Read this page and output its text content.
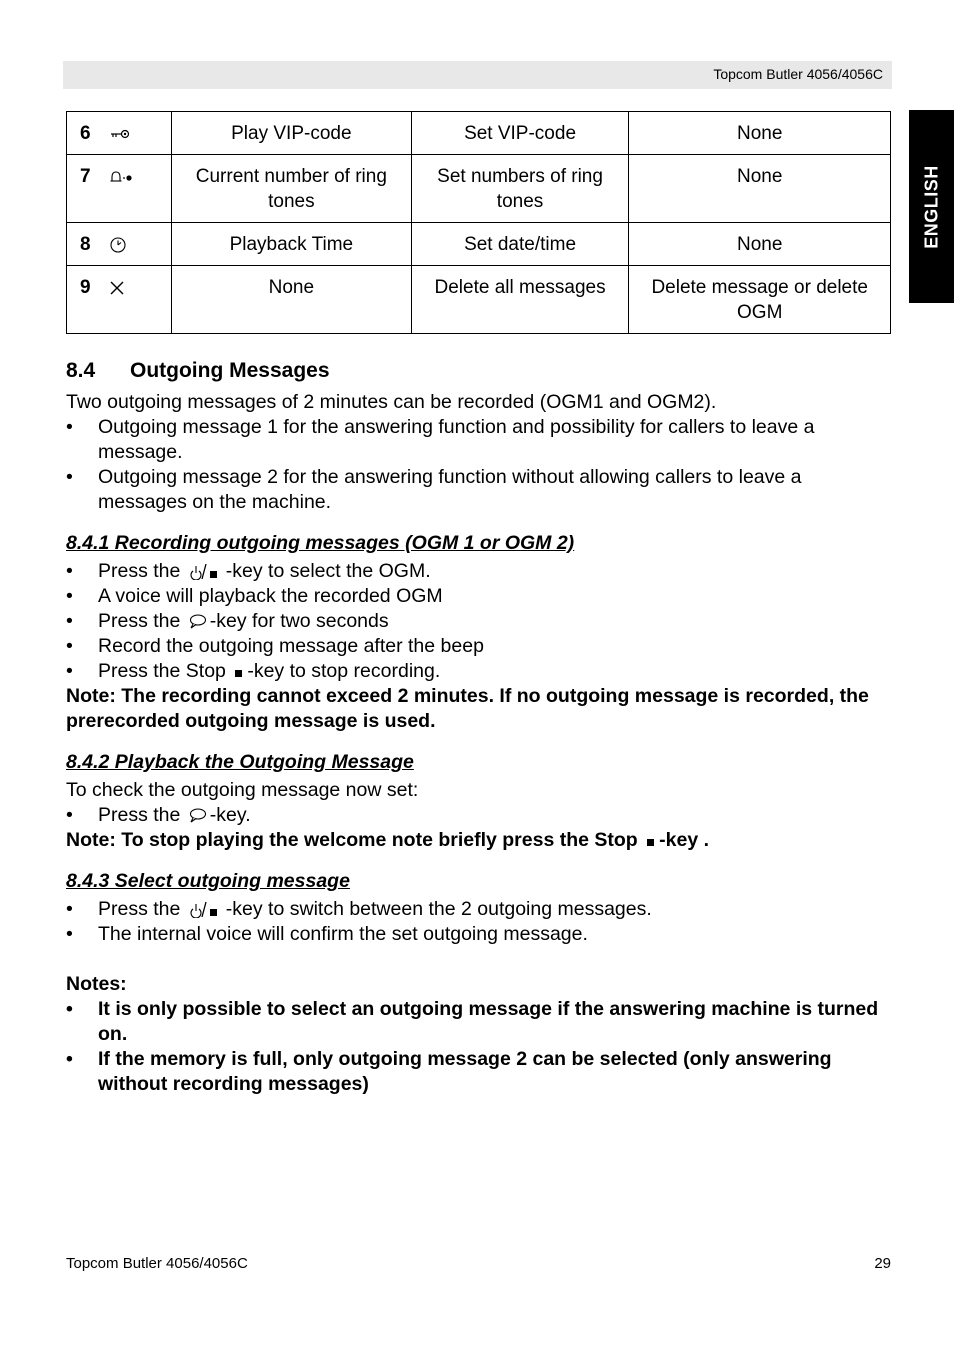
Topcom Butler 4056/4056C
ENGLISH
6	Play VIP-code	Set VIP-code	None
7	Current number of ring tones	Set numbers of ring tones	None
8	Playback Time	Set date/time	None
9	None	Delete all messages	Delete message or delete OGM
8.4 Outgoing Messages

Two outgoing messages of 2 minutes can be recorded (OGM1 and OGM2).

• Outgoing message 1 for the answering function and possibility for callers to leave a message.
• Outgoing message 2 for the answering function without allowing callers to leave a messages on the machine.
8.4.1 Recording outgoing messages (OGM 1 or OGM 2)
• Press the -key to select the OGM.
• A voice will playback the recorded OGM
• Press the -key for two seconds
• Record the outgoing message after the beep
• Press the Stop -key to stop recording.

Note: The recording cannot exceed 2 minutes. If no outgoing message is recorded, the prerecorded outgoing message is used.

8.4.2 Playback the Outgoing Message

To check the outgoing message now set:

• Press the -key.

Note: To stop playing the welcome note briefly press the Stop -key .

8.4.3 Select outgoing message
• Press the -key to switch between the 2 outgoing messages.
• The internal voice will confirm the set outgoing message.

Notes:

• It is only possible to select an outgoing message if the answering machine is turned on.
• If the memory is full, only outgoing message 2 can be selected (only answering without recording messages)
Topcom Butler 4056/4056C	29
